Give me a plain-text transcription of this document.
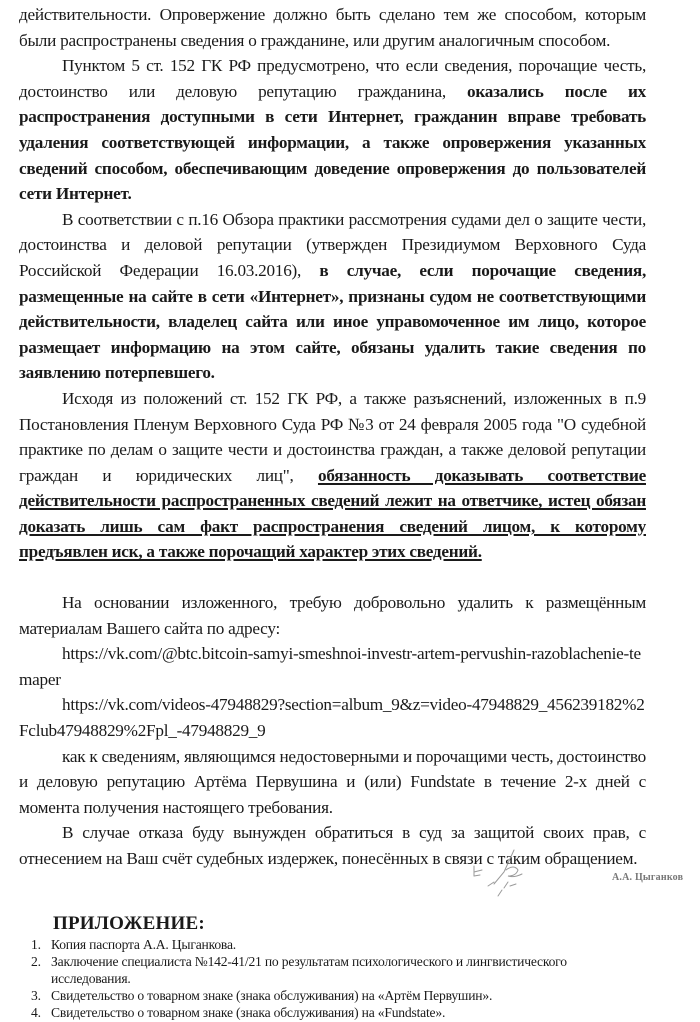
действительности. Опровержение должно быть сделано тем же способом, которым были распространены сведения о гражданине, или другим аналогичным способом.

Пунктом 5 ст. 152 ГК РФ предусмотрено, что если сведения, порочащие честь, достоинство или деловую репутацию гражданина, оказались после их распространения доступными в сети Интернет, гражданин вправе требовать удаления соответствующей информации, а также опровержения указанных сведений способом, обеспечивающим доведение опровержения до пользователей сети Интернет.

В соответствии с п.16 Обзора практики рассмотрения судами дел о защите чести, достоинства и деловой репутации (утвержден Президиумом Верховного Суда Российской Федерации 16.03.2016), в случае, если порочащие сведения, размещенные на сайте в сети «Интернет», признаны судом не соответствующими действительности, владелец сайта или иное управомоченное им лицо, которое размещает информацию на этом сайте, обязаны удалить такие сведения по заявлению потерпевшего.

Исходя из положений ст. 152 ГК РФ, а также разъяснений, изложенных в п.9 Постановления Пленум Верховного Суда РФ №3 от 24 февраля 2005 года "О судебной практике по делам о защите чести и достоинства граждан, а также деловой репутации граждан и юридических лиц", обязанность доказывать соответствие действительности распространенных сведений лежит на ответчике, истец обязан доказать лишь сам факт распространения сведений лицом, к которому предъявлен иск, а также порочащий характер этих сведений.

На основании изложенного, требую добровольно удалить к размещённым материалам Вашего сайта по адресу:

https://vk.com/@btc.bitcoin-samyi-smeshnoi-investr-artem-pervushin-razoblachenie-temaper

https://vk.com/videos-47948829?section=album_9&z=video-47948829_456239182%2Fclub47948829%2Fpl_-47948829_9

как к сведениям, являющимся недостоверными и порочащими честь, достоинство и деловую репутацию Артёма Первушина и (или) Fundstate в течение 2-х дней с момента получения настоящего требования.

В случае отказа буду вынужден обратиться в суд за защитой своих прав, с отнесением на Ваш счёт судебных издержек, понесённых в связи с таким обращением.

ПРИЛОЖЕНИЕ:

1. Копия паспорта А.А. Цыганкова.
2. Заключение специалиста №142-41/21 по результатам психологического и лингвистического исследования.
3. Свидетельство о товарном знаке (знака обслуживания) на «Артём Первушин».
4. Свидетельство о товарном знаке (знака обслуживания) на «Fundstate».
А.А. Цыганков
